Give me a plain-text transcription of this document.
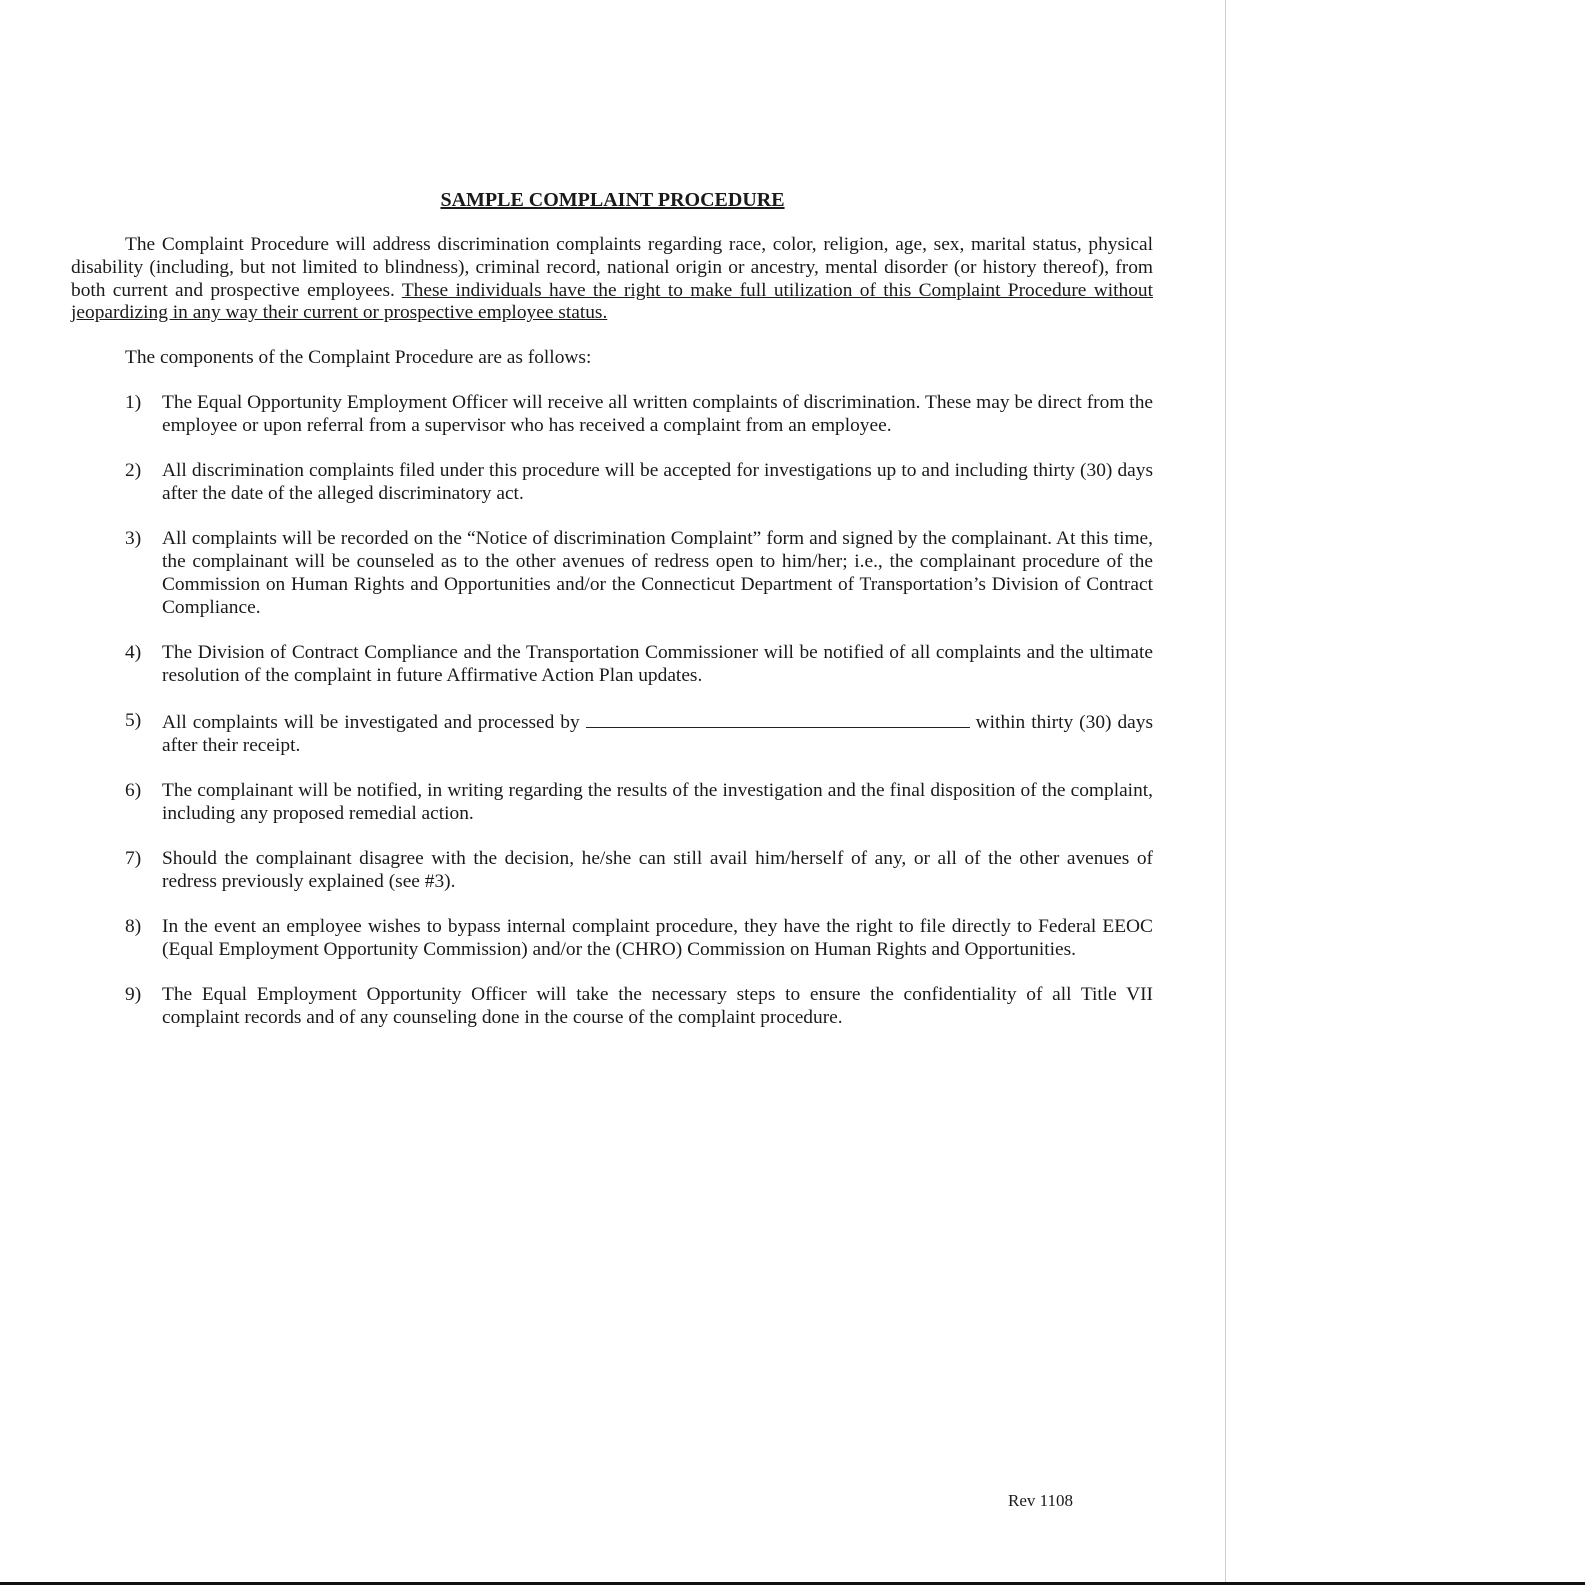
SAMPLE COMPLAINT PROCEDURE

The Complaint Procedure will address discrimination complaints regarding race, color, religion, age, sex, marital status, physical disability (including, but not limited to blindness), criminal record, national origin or ancestry, mental disorder (or history thereof), from both current and prospective employees. These individuals have the right to make full utilization of this Complaint Procedure without jeopardizing in any way their current or prospective employee status.

The components of the Complaint Procedure are as follows:
1) The Equal Opportunity Employment Officer will receive all written complaints of discrimination. These may be direct from the employee or upon referral from a supervisor who has received a complaint from an employee.
2) All discrimination complaints filed under this procedure will be accepted for investigations up to and including thirty (30) days after the date of the alleged discriminatory act.
3) All complaints will be recorded on the “Notice of discrimination Complaint” form and signed by the complainant. At this time, the complainant will be counseled as to the other avenues of redress open to him/her; i.e., the complainant procedure of the Commission on Human Rights and Opportunities and/or the Connecticut Department of Transportation’s Division of Contract Compliance.
4) The Division of Contract Compliance and the Transportation Commissioner will be notified of all complaints and the ultimate resolution of the complaint in future Affirmative Action Plan updates.
5) All complaints will be investigated and processed by	within thirty (30) days after their receipt.
6) The complainant will be notified, in writing regarding the results of the investigation and the final disposition of the complaint, including any proposed remedial action.
7) Should the complainant disagree with the decision, he/she can still avail him/herself of any, or all of the other avenues of redress previously explained (see #3).
8) In the event an employee wishes to bypass internal complaint procedure, they have the right to file directly to Federal EEOC (Equal Employment Opportunity Commission) and/or the (CHRO) Commission on Human Rights and Opportunities.
9) The Equal Employment Opportunity Officer will take the necessary steps to ensure the confidentiality of all Title VII complaint records and of any counseling done in the course of the complaint procedure.
Rev 1108
